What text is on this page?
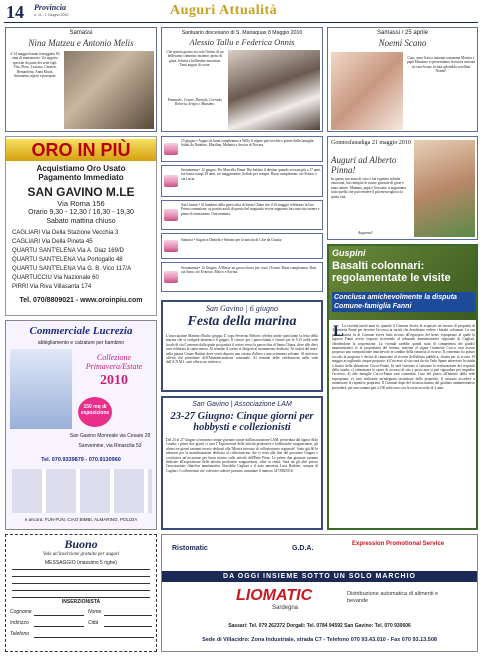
14 Provincia
n. 11 - 1 Giugno 2010	Auguri Attualità
Samassi
Nina Matzeu e Antonio Melis
il 14 maggio hanno festeggiato 65 anni di matrimonio. Un augurio speciale da parte dei sette figli: Vito, Piero, Luciano, Carmen, Bernardetta, Anna Maria, Antonietta, nipoti e pronipoti.
ORO IN PIÙ
Acquistiamo Oro Usato
Pagamento Immediato
SAN GAVINO M.LE
Via Roma 156
Orario 9,30 - 12,30 / 16,30 - 19,30
Sabato mattina chiuso
CAGLIARI Via Della Stazione Vecchia 3
CAGLIARI Via Della Pineta 45
QUARTU SANT'ELENA Via A. Diaz 169/D
QUARTU SANT'ELENA Via Portogallo 48
QUARTU SANT'ELENA Via G. B. Vico 117/A
QUARTUCCIU Via Nazionale 60
PIRRI Via Riva Villasanta 174
Tel. 070/8809021 - www.oroinpiu.com
Commerciale Lucrezia
abbigliamento e calzature per bambino
Collezione Primavera/Estate
2010
150 mq di esposizione
San Gavino Monreale via Cesare 29
Sanvemine, via Rinascita 53
Tel. 070.9339879 - 070.9130960
e ancora: FUN-FUN, CIAO BIMBI, ALMARINO, POLIZIA
Buono
Vale un'inserzione gratuita per auguri
MESSAGGIO (massimo 5 righe)
INSERZIONISTA
Cognome
Indirizzo
Telefono
Nome
Città
Santuario diocesano di S. Mariaquas 8 Maggio 2010
Alessio Tallu e Federica Onnis
Che questo giorno sia solo l'inizio di un bellissimo cammino insieme, pieno di gioia, felicità e bellissime emozioni. Tanti auguri di cuore.
Emanuele, Cesare, Daniela, Corrado, Roberta, Sergio e Massimo.
15 giugno • Auguri di buon compleanno a Willy il nipote più vecchio e potete dalla famiglia. Saluti da Natalino, Marilina, Melania e Jessica di Novara.
Serramanna • 12 giugno. Per Marcella Pinna. Hai beffato il destino quando sei nata più a 17 anni, era basta compi 18 anni, sei maggiorenne, beffalo per sempre. Buon compleanno, zio Franco e zia Lucia.
San Gavino • Al bambini della parrocchia di Santa Chiara che il 16 maggio celebrano la loro Prima comunione, sp partirà auidi di questo bel traguardo vivete augurano loro una vita serena e piena di entusiasmo. Una mamma.
Samassi • Auguri a Daniela e Stefano per la nascita di Cloe da Giusky.
Serramanna • 12 Giugno. A Massy un grosso bacio per i tuoi 18 anni. Buon compleanno, Buri, zia Anna, zio Evaristo, Marco e Savina.
San Gavino | 6 giugno
Festa della marina
L'associazione Marinai d'Italia 'gruppo Z' capo Severino Meloni: celebra anche quest'anno la festa della marina che si svolgerà domenica 6 giugno. Il ritrovo per i parecchianti è fissato per le 9.15 nella sede locale di via Convento dalla quale poi partirà il corteo verso la parrocchia di Santa Chiara, dove alle dieci sarà celebrata la santa messa. Al termine il corteo si dirigerà al monumento dedicato 'Ai caduti del mare' nella piazza Cesare Battisti dove verrà deposta una corona d'alloro e una cerimonia solenne. Al rinfresco offerto dal presidente dell'Amministrazione comunale. Al termine delle celebrazioni nella sede dell'A.N.M.I. sarà offerto un rinfresco.
San Gavino | Associazione LAM
23-27 Giugno: Cinque giorni per hobbysti e collezionisti
Dal 23 al 27 Giugno si terranno cinque giornate curate dall'associazione LAM, presieduta dal signor Aldo Canela: i primi due giorni ci sarà l' Esposizione delle attività produttive e hobbistiche sanguavinese, gli ultimi tre giorni saranno invece dedicati alla 'Mostra mercato di collezionismo regionale'. Sono già 60 le adesioni per la manifestazione dedicata al collezionismo che si terrà alla fine del prossimo Giugno e costituisce un'occasione per buon ritorno sulle attività dell'Ente Fiera. Le prime due giornate saranno dedicate all'esposizione delle attività produttive sanguavinesi, oltre ai centri. Sarà un gli altri presso l'associazione filatelica numismatica Giacobbe Cagliari e il noto umorista Luca Barbieri, sempre di Cagliari. I collezionisti che volessero aderire possono contattare il numero 347/8825516.
Samassi / 25 aprile
Noemi Scano
Ciao, sono Gaia e insieme a mamma Monica e papà Massimo vi presentiamo la nuova arrivata in casa Scano, la mia splendida sorellina Noemi!
Gonnosfanadiga 21 maggio 2010
Auguri ad Alberto Pinna!
In questo tuo anno di vita ci hai regalato infinite emozioni, hai riempito le nostre giornate di gioie e tanto amore. Mamma, papà e Giacomo ti auguriamo tutto quello che può rendere il più meraviglioso la quota vita.
Auguroni!
Guspini
Basalti colonnari: regolamentate le visite
Conclusa amichevolmente la disputa Comune-famiglia Fanni
L
La vicenda iniziò anni fa, quando il Comune decise di acquisire un terreno di proprietà di Antonietta Fanni per favorire l'accesso ai turisti che desiderano vedere i basalti colonnari. La sua prima mossa fu di Comune aveva fatto ricorso all'esproprio del bene, espropriato al quale la signora Fanni aveva risposto ricorrendo al tribunale amministrativo regionale di Cagliari, chiedendone la sospensione. La vicenda sarebbe quindi stata di competenza dei giudici amministrativi se la proprietaria del terreno, assieme al signor Giannetto Cocco, non avesse proposto una composizione amichevole in cambio della rinuncia al ricorso. Il contenuto ha potuto accolto la proposta e decisa di rinunciare al ricorso dell'ultima pubblica, fissata per lo scorso 19 maggio accogliendo cinque proposte: a) l'accesso al sito sarà da via Vedo Spano attraverso la strada a fianco della abitazione Cocco-Fanni; b) sarà riservata a ciascuno la realizzazione dei requisiti della strada; c) ottimizzare le opere di accesso al sito e posto non si può riguardare per impedire l'accesso; d) alle famiglie Cocco-Fanni sarà consentito l'uso del pozzo all'interno della sede espropriata; e) sarà realizzata un'adeguata recinzione della proprietà; f) nessuno accedere a monitorare le rispettive proprietà. Il Comune dopo del riconoscimento del giudizio amministrativo prevederà, per una somma pari a 100 mila euro con la sosta accordo di 3 anni.
Ristomatic	G.D.A.
Expression Promotional Service
DA OGGI INSIEME SOTTO UN SOLO MARCHIO
LIOMATIC
Sardegna
Distribuzione automatica di alimenti e bevande
Sassari: Tel. 079 262372 Dorgali: Tel. 0784 94592 San Gavino: Tel. 070 930606
Sede di Villacidro: Zona Industriale, strada C7 - Telefono 070 93.43.010 - Fax 070 93.13.508
